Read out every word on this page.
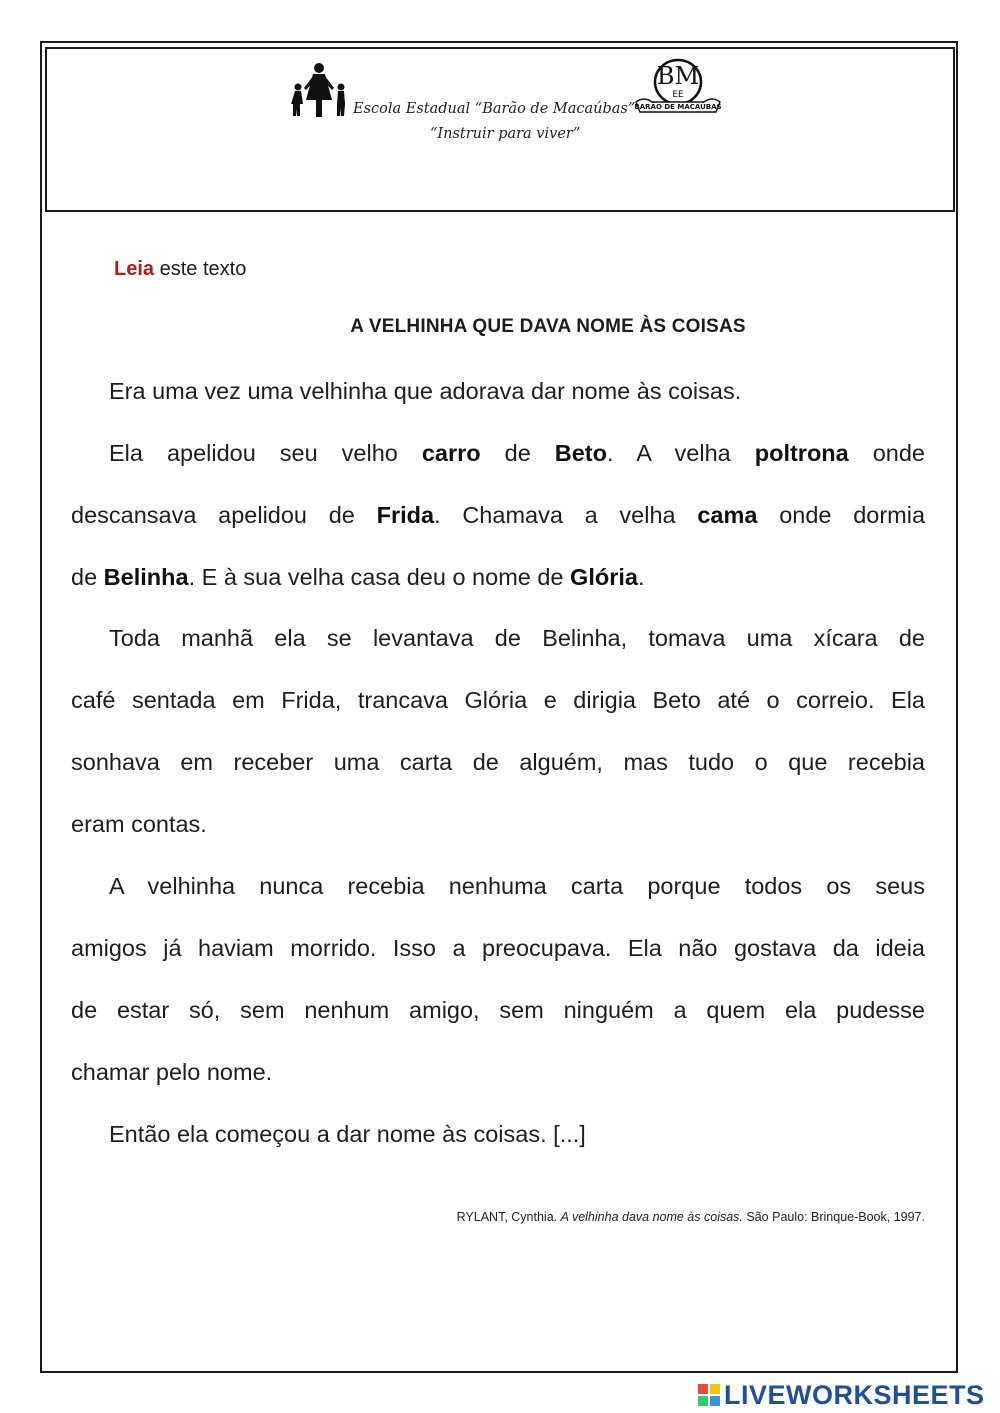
Escola Estadual “Barão de Macaúbas”
“Instruir para viver”
BM
EE
BARÃO DE MACAÚBAS
Leia este texto
A VELHINHA QUE DAVA NOME ÀS COISAS
Era uma vez uma velhinha que adorava dar nome às coisas.
Ela apelidou seu velho carro de Beto. A velha poltrona onde
descansava apelidou de Frida. Chamava a velha cama onde dormia
de Belinha. E à sua velha casa deu o nome de Glória.
Toda manhã ela se levantava de Belinha, tomava uma xícara de
café sentada em Frida, trancava Glória e dirigia Beto até o correio. Ela
sonhava em receber uma carta de alguém, mas tudo o que recebia
eram contas.
A velhinha nunca recebia nenhuma carta porque todos os seus
amigos já haviam morrido. Isso a preocupava. Ela não gostava da ideia
de estar só, sem nenhum amigo, sem ninguém a quem ela pudesse
chamar pelo nome.
Então ela começou a dar nome às coisas. [...]
RYLANT, Cynthia. A velhinha dava nome às coisas. São Paulo: Brinque-Book, 1997.
LIVEWORKSHEETS
